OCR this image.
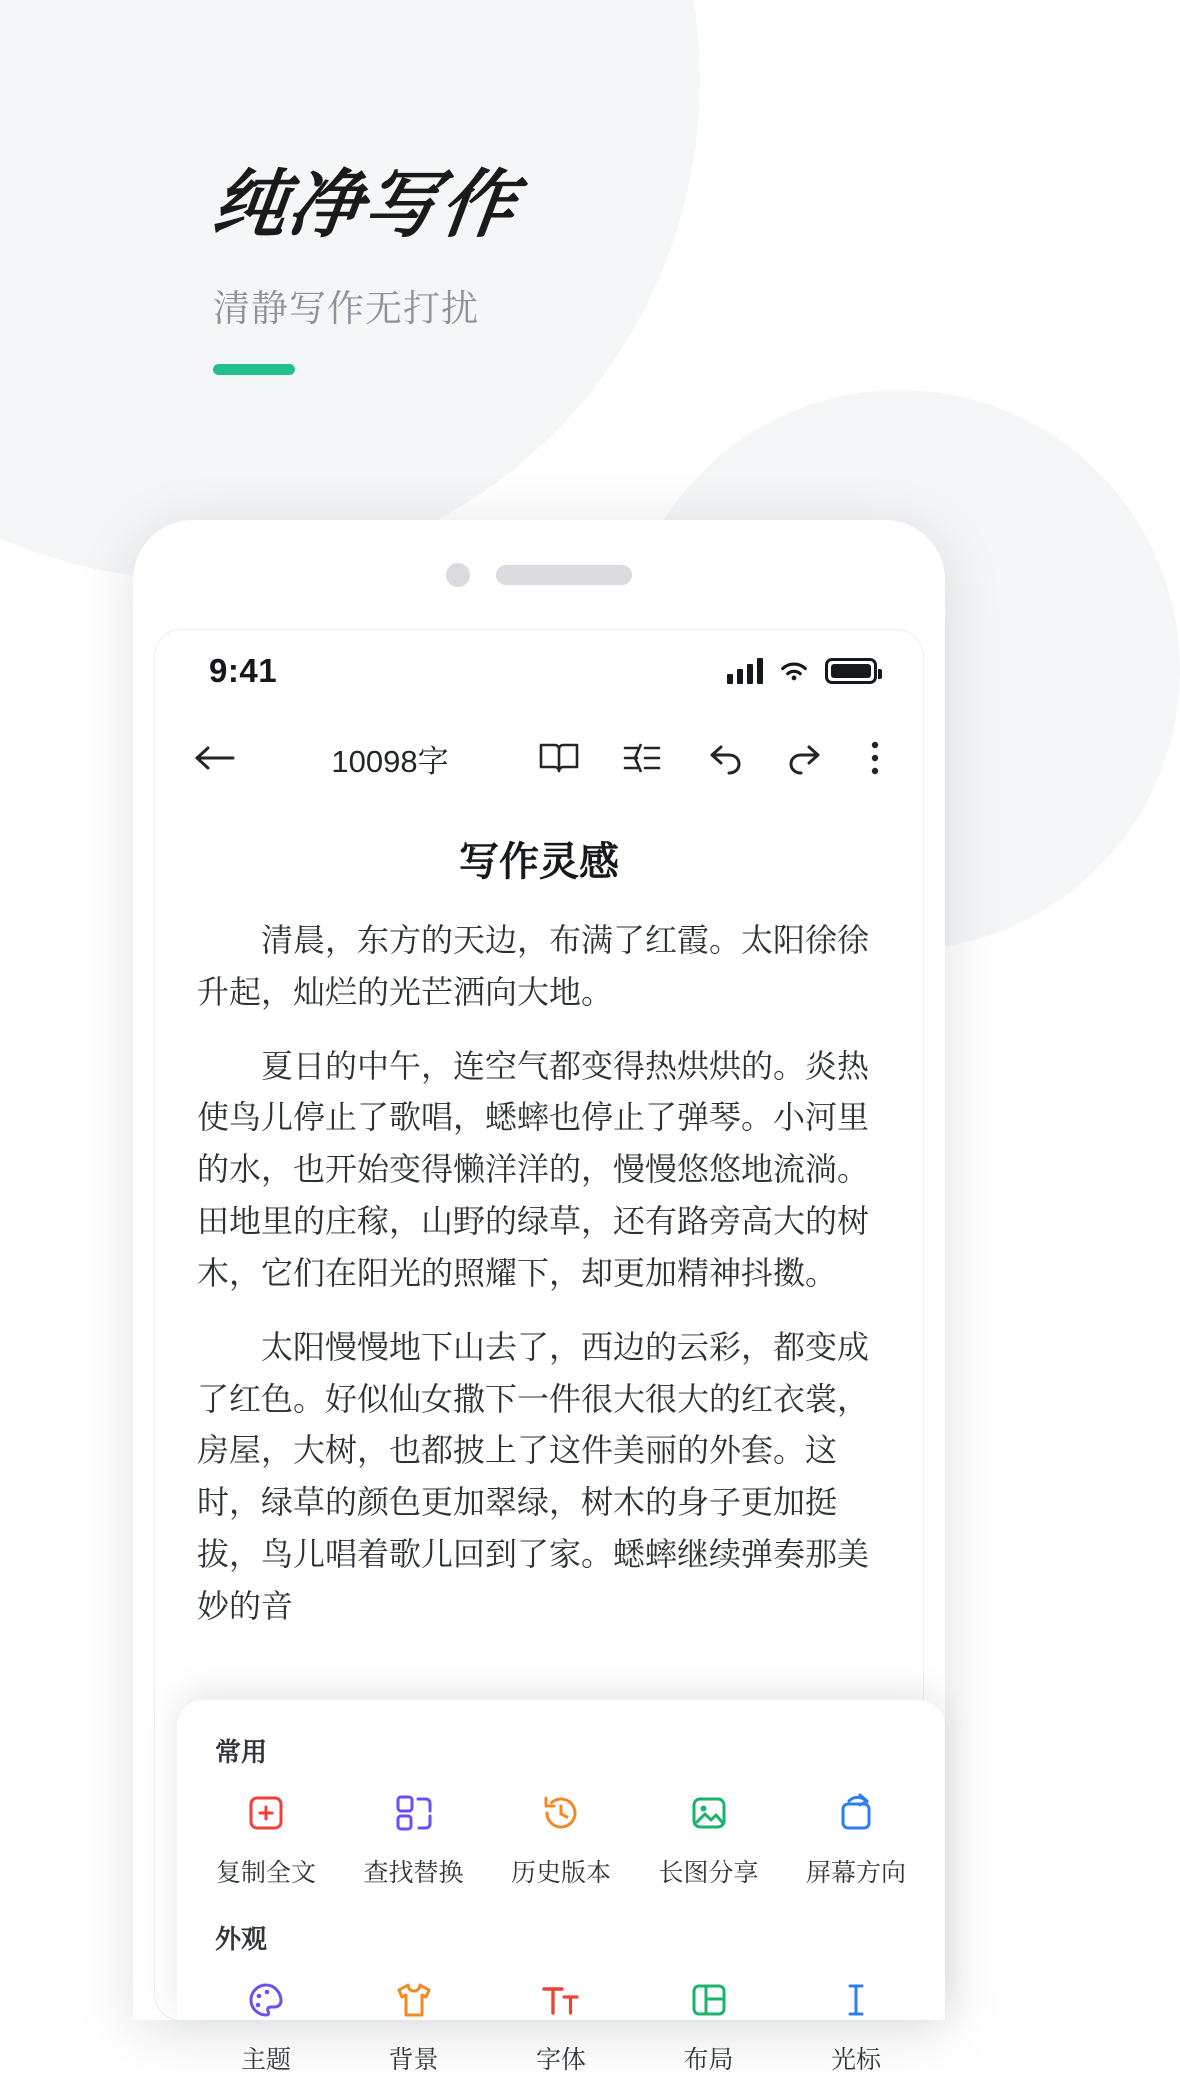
纯净写作
清静写作无打扰
9:41
10098字
写作灵感

清晨，东方的天边，布满了红霞。太阳徐徐升起，灿烂的光芒洒向大地。

夏日的中午，连空气都变得热烘烘的。炎热使鸟儿停止了歌唱，蟋蟀也停止了弹琴。小河里的水，也开始变得懒洋洋的，慢慢悠悠地流淌。田地里的庄稼，山野的绿草，还有路旁高大的树木，它们在阳光的照耀下，却更加精神抖擞。

太阳慢慢地下山去了，西边的云彩，都变成了红色。好似仙女撒下一件很大很大的红衣裳，房屋，大树，也都披上了这件美丽的外套。这时，绿草的颜色更加翠绿，树木的身子更加挺拔，鸟儿唱着歌儿回到了家。蟋蟀继续弹奏那美妙的音

常用
复制全文 查找替换 历史版本 长图分享 屏幕方向
外观
主题	背景	字体	布局	光标
